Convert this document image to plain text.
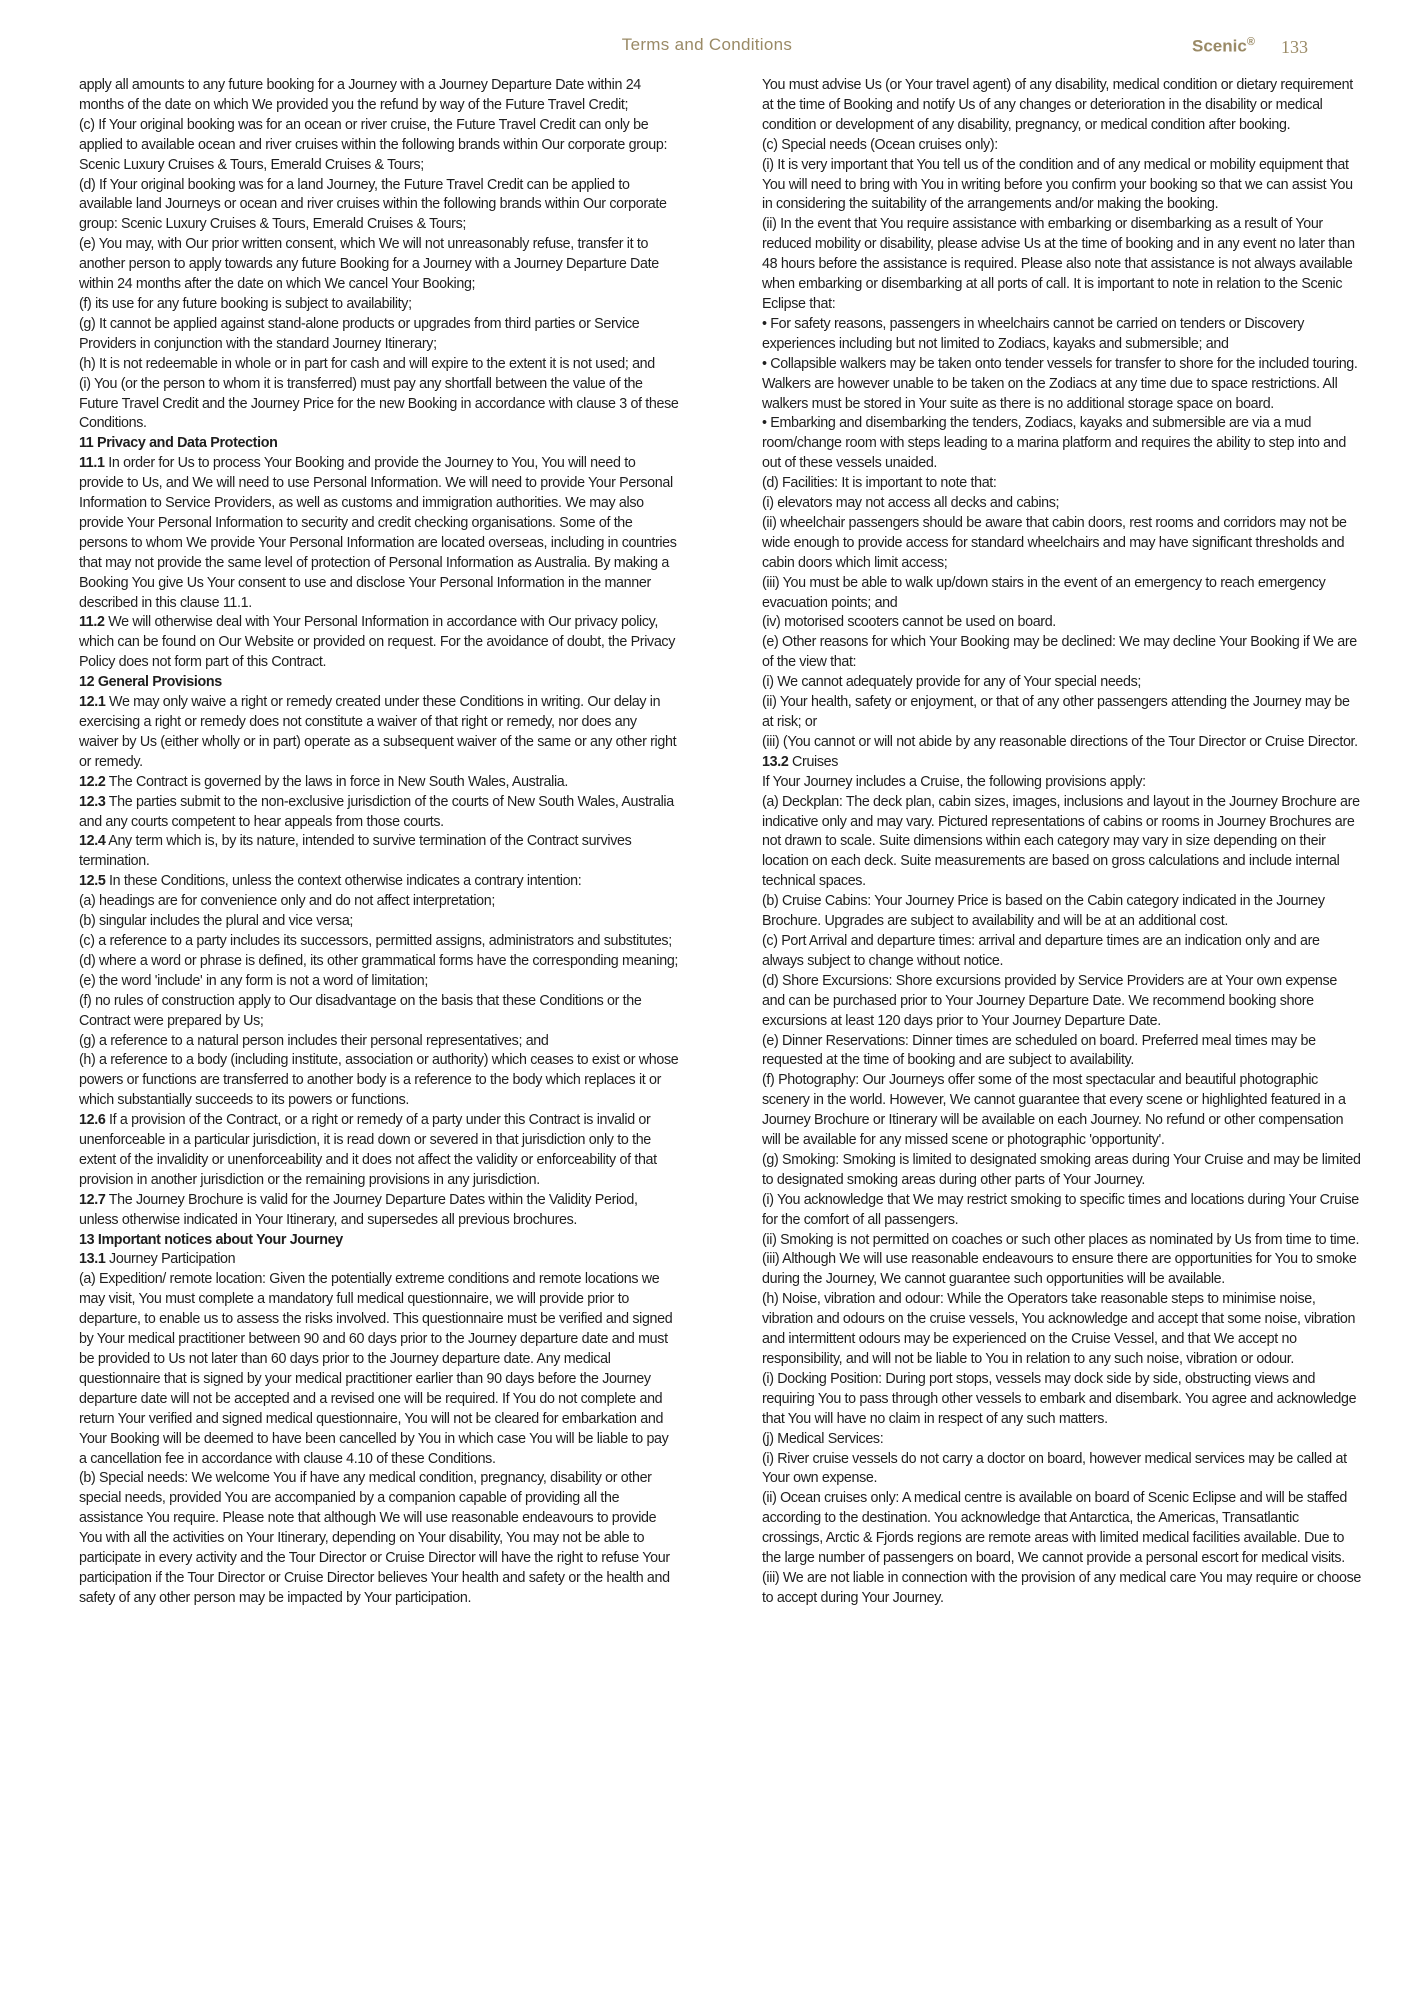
Terms and Conditions	Scenic® 133

apply all amounts to any future booking for a Journey with a Journey Departure Date within 24 months of the date on which We provided you the refund by way of the Future Travel Credit;

(c) If Your original booking was for an ocean or river cruise, the Future Travel Credit can only be applied to available ocean and river cruises within the following brands within Our corporate group: Scenic Luxury Cruises & Tours, Emerald Cruises & Tours;

(d) If Your original booking was for a land Journey, the Future Travel Credit can be applied to available land Journeys or ocean and river cruises within the following brands within Our corporate group: Scenic Luxury Cruises & Tours, Emerald Cruises & Tours;

(e) You may, with Our prior written consent, which We will not unreasonably refuse, transfer it to another person to apply towards any future Booking for a Journey with a Journey Departure Date within 24 months after the date on which We cancel Your Booking;

(f) its use for any future booking is subject to availability;

(g) It cannot be applied against stand-alone products or upgrades from third parties or Service Providers in conjunction with the standard Journey Itinerary;

(h) It is not redeemable in whole or in part for cash and will expire to the extent it is not used; and

(i) You (or the person to whom it is transferred) must pay any shortfall between the value of the Future Travel Credit and the Journey Price for the new Booking in accordance with clause 3 of these Conditions.

11 Privacy and Data Protection

11.1 In order for Us to process Your Booking and provide the Journey to You, You will need to provide to Us, and We will need to use Personal Information. We will need to provide Your Personal Information to Service Providers, as well as customs and immigration authorities. We may also provide Your Personal Information to security and credit checking organisations. Some of the persons to whom We provide Your Personal Information are located overseas, including in countries that may not provide the same level of protection of Personal Information as Australia. By making a Booking You give Us Your consent to use and disclose Your Personal Information in the manner described in this clause 11.1.

11.2 We will otherwise deal with Your Personal Information in accordance with Our privacy policy, which can be found on Our Website or provided on request. For the avoidance of doubt, the Privacy Policy does not form part of this Contract.

12 General Provisions

12.1 We may only waive a right or remedy created under these Conditions in writing. Our delay in exercising a right or remedy does not constitute a waiver of that right or remedy, nor does any waiver by Us (either wholly or in part) operate as a subsequent waiver of the same or any other right or remedy.

12.2 The Contract is governed by the laws in force in New South Wales, Australia.

12.3 The parties submit to the non-exclusive jurisdiction of the courts of New South Wales, Australia and any courts competent to hear appeals from those courts.

12.4 Any term which is, by its nature, intended to survive termination of the Contract survives termination.

12.5 In these Conditions, unless the context otherwise indicates a contrary intention:

(a) headings are for convenience only and do not affect interpretation;

(b) singular includes the plural and vice versa;

(c) a reference to a party includes its successors, permitted assigns, administrators and substitutes;

(d) where a word or phrase is defined, its other grammatical forms have the corresponding meaning;

(e) the word 'include' in any form is not a word of limitation;

(f) no rules of construction apply to Our disadvantage on the basis that these Conditions or the Contract were prepared by Us;

(g) a reference to a natural person includes their personal representatives; and

(h) a reference to a body (including institute, association or authority) which ceases to exist or whose powers or functions are transferred to another body is a reference to the body which replaces it or which substantially succeeds to its powers or functions.

12.6 If a provision of the Contract, or a right or remedy of a party under this Contract is invalid or unenforceable in a particular jurisdiction, it is read down or severed in that jurisdiction only to the extent of the invalidity or unenforceability and it does not affect the validity or enforceability of that provision in another jurisdiction or the remaining provisions in any jurisdiction.

12.7 The Journey Brochure is valid for the Journey Departure Dates within the Validity Period, unless otherwise indicated in Your Itinerary, and supersedes all previous brochures.

13 Important notices about Your Journey

13.1 Journey Participation

(a) Expedition/ remote location: Given the potentially extreme conditions and remote locations we may visit, You must complete a mandatory full medical questionnaire, we will provide prior to departure, to enable us to assess the risks involved. This questionnaire must be verified and signed by Your medical practitioner between 90 and 60 days prior to the Journey departure date and must be provided to Us not later than 60 days prior to the Journey departure date. Any medical questionnaire that is signed by your medical practitioner earlier than 90 days before the Journey departure date will not be accepted and a revised one will be required. If You do not complete and return Your verified and signed medical questionnaire, You will not be cleared for embarkation and Your Booking will be deemed to have been cancelled by You in which case You will be liable to pay a cancellation fee in accordance with clause 4.10 of these Conditions.

(b) Special needs: We welcome You if have any medical condition, pregnancy, disability or other special needs, provided You are accompanied by a companion capable of providing all the assistance You require. Please note that although We will use reasonable endeavours to provide You with all the activities on Your Itinerary, depending on Your disability, You may not be able to participate in every activity and the Tour Director or Cruise Director will have the right to refuse Your participation if the Tour Director or Cruise Director believes Your health and safety or the health and safety of any other person may be impacted by Your participation.

You must advise Us (or Your travel agent) of any disability, medical condition or dietary requirement at the time of Booking and notify Us of any changes or deterioration in the disability or medical condition or development of any disability, pregnancy, or medical condition after booking.

(c) Special needs (Ocean cruises only):

(i) It is very important that You tell us of the condition and of any medical or mobility equipment that You will need to bring with You in writing before you confirm your booking so that we can assist You in considering the suitability of the arrangements and/or making the booking.

(ii) In the event that You require assistance with embarking or disembarking as a result of Your reduced mobility or disability, please advise Us at the time of booking and in any event no later than 48 hours before the assistance is required. Please also note that assistance is not always available when embarking or disembarking at all ports of call. It is important to note in relation to the Scenic Eclipse that:

• For safety reasons, passengers in wheelchairs cannot be carried on tenders or Discovery experiences including but not limited to Zodiacs, kayaks and submersible; and

• Collapsible walkers may be taken onto tender vessels for transfer to shore for the included touring. Walkers are however unable to be taken on the Zodiacs at any time due to space restrictions. All walkers must be stored in Your suite as there is no additional storage space on board.

• Embarking and disembarking the tenders, Zodiacs, kayaks and submersible are via a mud room/change room with steps leading to a marina platform and requires the ability to step into and out of these vessels unaided.

(d) Facilities: It is important to note that:

(i) elevators may not access all decks and cabins;

(ii) wheelchair passengers should be aware that cabin doors, rest rooms and corridors may not be wide enough to provide access for standard wheelchairs and may have significant thresholds and cabin doors which limit access;

(iii) You must be able to walk up/down stairs in the event of an emergency to reach emergency evacuation points; and

(iv) motorised scooters cannot be used on board.

(e) Other reasons for which Your Booking may be declined: We may decline Your Booking if We are of the view that:

(i) We cannot adequately provide for any of Your special needs;

(ii) Your health, safety or enjoyment, or that of any other passengers attending the Journey may be at risk; or

(iii) (You cannot or will not abide by any reasonable directions of the Tour Director or Cruise Director.

13.2 Cruises

If Your Journey includes a Cruise, the following provisions apply:

(a) Deckplan: The deck plan, cabin sizes, images, inclusions and layout in the Journey Brochure are indicative only and may vary. Pictured representations of cabins or rooms in Journey Brochures are not drawn to scale. Suite dimensions within each category may vary in size depending on their location on each deck. Suite measurements are based on gross calculations and include internal technical spaces.

(b) Cruise Cabins: Your Journey Price is based on the Cabin category indicated in the Journey Brochure. Upgrades are subject to availability and will be at an additional cost.

(c) Port Arrival and departure times: arrival and departure times are an indication only and are always subject to change without notice.

(d) Shore Excursions: Shore excursions provided by Service Providers are at Your own expense and can be purchased prior to Your Journey Departure Date. We recommend booking shore excursions at least 120 days prior to Your Journey Departure Date.

(e) Dinner Reservations: Dinner times are scheduled on board. Preferred meal times may be requested at the time of booking and are subject to availability.

(f) Photography: Our Journeys offer some of the most spectacular and beautiful photographic scenery in the world. However, We cannot guarantee that every scene or highlighted featured in a Journey Brochure or Itinerary will be available on each Journey. No refund or other compensation will be available for any missed scene or photographic 'opportunity'.

(g) Smoking: Smoking is limited to designated smoking areas during Your Cruise and may be limited to designated smoking areas during other parts of Your Journey.

(i) You acknowledge that We may restrict smoking to specific times and locations during Your Cruise for the comfort of all passengers.

(ii) Smoking is not permitted on coaches or such other places as nominated by Us from time to time.

(iii) Although We will use reasonable endeavours to ensure there are opportunities for You to smoke during the Journey, We cannot guarantee such opportunities will be available.

(h) Noise, vibration and odour: While the Operators take reasonable steps to minimise noise, vibration and odours on the cruise vessels, You acknowledge and accept that some noise, vibration and intermittent odours may be experienced on the Cruise Vessel, and that We accept no responsibility, and will not be liable to You in relation to any such noise, vibration or odour.

(i) Docking Position: During port stops, vessels may dock side by side, obstructing views and requiring You to pass through other vessels to embark and disembark. You agree and acknowledge that You will have no claim in respect of any such matters.

(j) Medical Services:

(i) River cruise vessels do not carry a doctor on board, however medical services may be called at Your own expense.

(ii) Ocean cruises only: A medical centre is available on board of Scenic Eclipse and will be staffed according to the destination. You acknowledge that Antarctica, the Americas, Transatlantic crossings, Arctic & Fjords regions are remote areas with limited medical facilities available. Due to the large number of passengers on board, We cannot provide a personal escort for medical visits.

(iii) We are not liable in connection with the provision of any medical care You may require or choose to accept during Your Journey.
